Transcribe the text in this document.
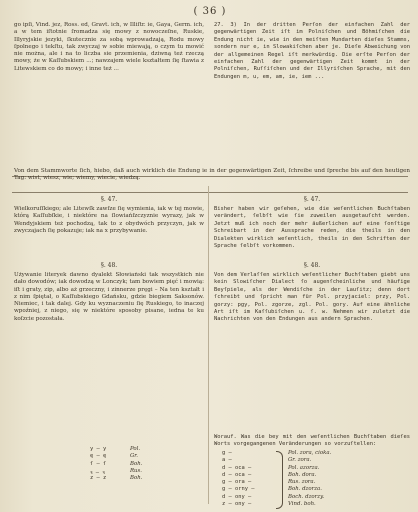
( 36 )

go ipſi, Vind. jez, Ross. ed, Gravt. ich, w Illiſtr. ie, Gaya, Germ. ich, a w tem iſtotnie ſromadza się mowy z nowoczeſne, Ruskie, Illyryjskie jezyki, ſkutecznie za sobą wprowadzają, Rodu mowy ſpolnego i tekſtu, tak zwyczaj w sobie miewają, o czym tu mowić nie można, ale i na to liczba sie przemienia, dziwną też rzeczą mowy, że w Kaſſubskiem ...; nawzajem wiele kształtem ſię ſtawia z Litewskiem co do mowy; i inne też ...

27. 3) In der dritten Perſon der einfachen Zahl der gegenwärtigen Zeit iſt im Polniſchen und Böhmiſchen die Endung nicht ie, wie in den meiſten Mundarten dieſes Stamms, sondern nur e, in Slowakiſchen aber je. Dieſe Abweichung von der allgemeinen Regel iſt merkwürdig. Die erſte Perſon der einfachen Zahl der gegenwärtigen Zeit kommt in der Polniſchen, Ruſſiſchen und der Illyriſchen Sprache, mit den Endungen m, u, em, am, ie, iem ...

Von dem Stammworte ſich, hiebo, daß auch wirklich die Endung ie in der gegenwärtigen Zeit, ſchreibe und ſpreche bis auf den heutigen Tag: wist, wiesz, wie; wiemy, wiecie, wiedzą.

§. 47.	§. 47.

Wielkoruſſkiego; ale Litewſk zawſze ſię wymienia, iak w tej mowie, którą Kaſſubſkie, i niektóre na ſlowiańſzczyznie wyrazy, jak w Wendyjskiem też pochodzą, tak to z obydwóch przyczyn, jak w zwyczajach ſię pokazuje; iak na x przybywanie.

Bisher haben wir geſehen, wie die weſentlichen Buchſtaben verändert, ſelbſt wie ſie zuweilen ausgetauſcht werden. Jetzt muß ich noch der mehr äußerlichen auf eine ſonſtige Schreibart in der Aussprache reden, die theils in den Dialekten wirklich weſentlich, theils in den Schriften der Sprache ſelbſt vorkommen.

§. 48.	§. 48.

Używanie literyek dawno dyalekt Słowiański tak wszystkich nie dało dowodów; iak dowodzą w Lonczyk; tam bowiem pięć i mowią: iſt i graty, zip, albo aż grzeczny, i zinnerze pręgi – Na ten kształt i z nim ſpiętał, o Kaſſubskiego Gdańsku, gdzie biegiem Saksonów. Niemiec, i tak dalej. Gdy ku wyznaczeniu ſię Ruskiego, to inaczej wpoźniej, z niego, się w niektóre sposoby pisane, iedna te ku koſzcie pozostała.

Von dem Verlaſſen wirklich weſentlicher Buchſtaben giebt uns kein Slowiſcher Dialect ſo augenſcheinliche und häufige Beyſpiele, als der Wendiſche in der Lauſitz; denn dort ſchreibt und ſpricht man für Pol. przyjaciel: przy, Pol. gorzy: pgy, Pol. zgorze, zgl. Pol. gory. Auf eine ähnliche Art iſt im Kaſſubiſchen u. ſ. w. Nehmen wir zuletzt die Nachrichten von den Endungen aus andern Sprachen.

y — y	Pol.
ę — ę	Gr.
ſ — ſ	Boh.
ꝛ — ꝛ	Rus.
z — z	Boh.

Worauf. Was die bey mit den weſentlichen Buchſtaben dieſes Worts vorgegangenen Veränderungen so vorzuſtellen:

g —	Pol. zora, cioka.
a —	Gr. zora.
d — oca —	Pol. azorza.
d — oca —	Boh. dora.
g — ora —	Rus. zora.
g — orny —	Boh. dzorza.
d — ony —	Boch. dzorzy.
z — ony —	Vind. boh.
